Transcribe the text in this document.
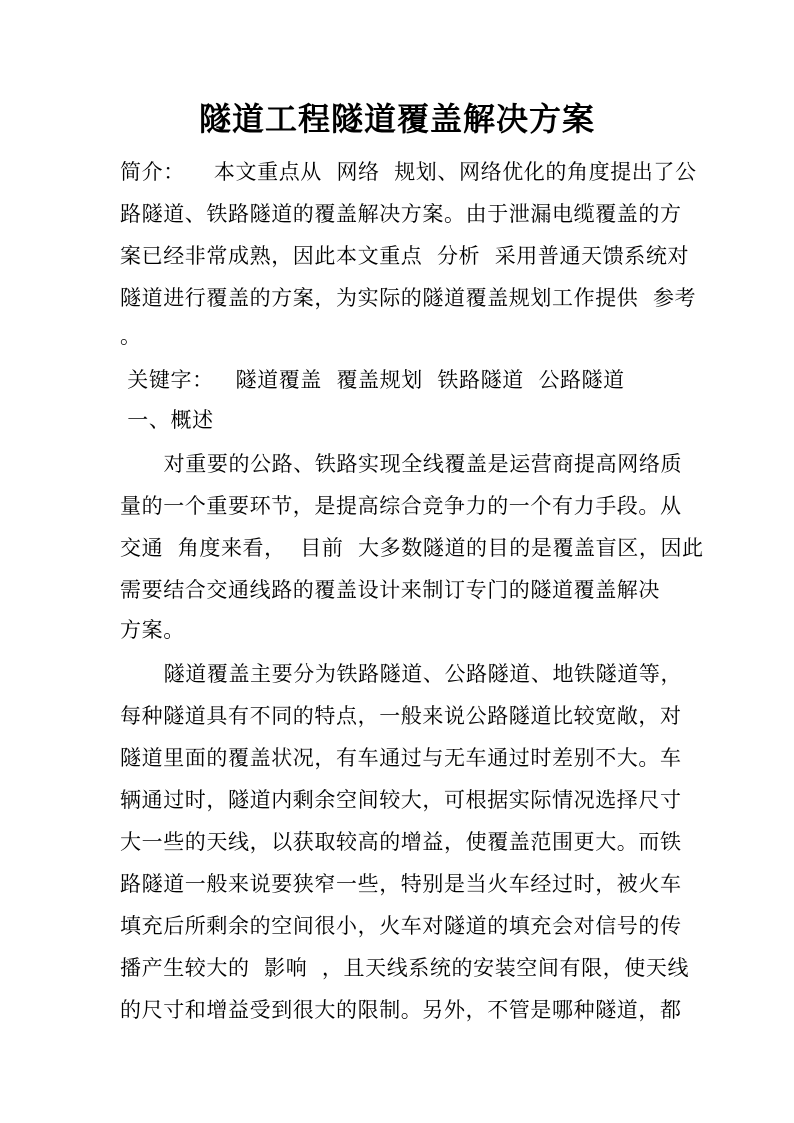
隧道工程隧道覆盖解决方案
简介：    本文重点从  网络  规划、网络优化的角度提出了公
路隧道、铁路隧道的覆盖解决方案。由于泄漏电缆覆盖的方
案已经非常成熟，因此本文重点  分析  采用普通天馈系统对
隧道进行覆盖的方案，为实际的隧道覆盖规划工作提供  参考
。
关键字：   隧道覆盖  覆盖规划  铁路隧道  公路隧道
一、概述
对重要的公路、铁路实现全线覆盖是运营商提高网络质
量的一个重要环节，是提高综合竞争力的一个有力手段。从
交通  角度来看，  目前  大多数隧道的目的是覆盖盲区，因此
需要结合交通线路的覆盖设计来制订专门的隧道覆盖解决
方案。
隧道覆盖主要分为铁路隧道、公路隧道、地铁隧道等，
每种隧道具有不同的特点，一般来说公路隧道比较宽敞，对
隧道里面的覆盖状况，有车通过与无车通过时差别不大。车
辆通过时，隧道内剩余空间较大，可根据实际情况选择尺寸
大一些的天线，以获取较高的增益，使覆盖范围更大。而铁
路隧道一般来说要狭窄一些，特别是当火车经过时，被火车
填充后所剩余的空间很小，火车对隧道的填充会对信号的传
播产生较大的  影响  ，且天线系统的安装空间有限，使天线
的尺寸和增益受到很大的限制。另外，不管是哪种隧道，都
